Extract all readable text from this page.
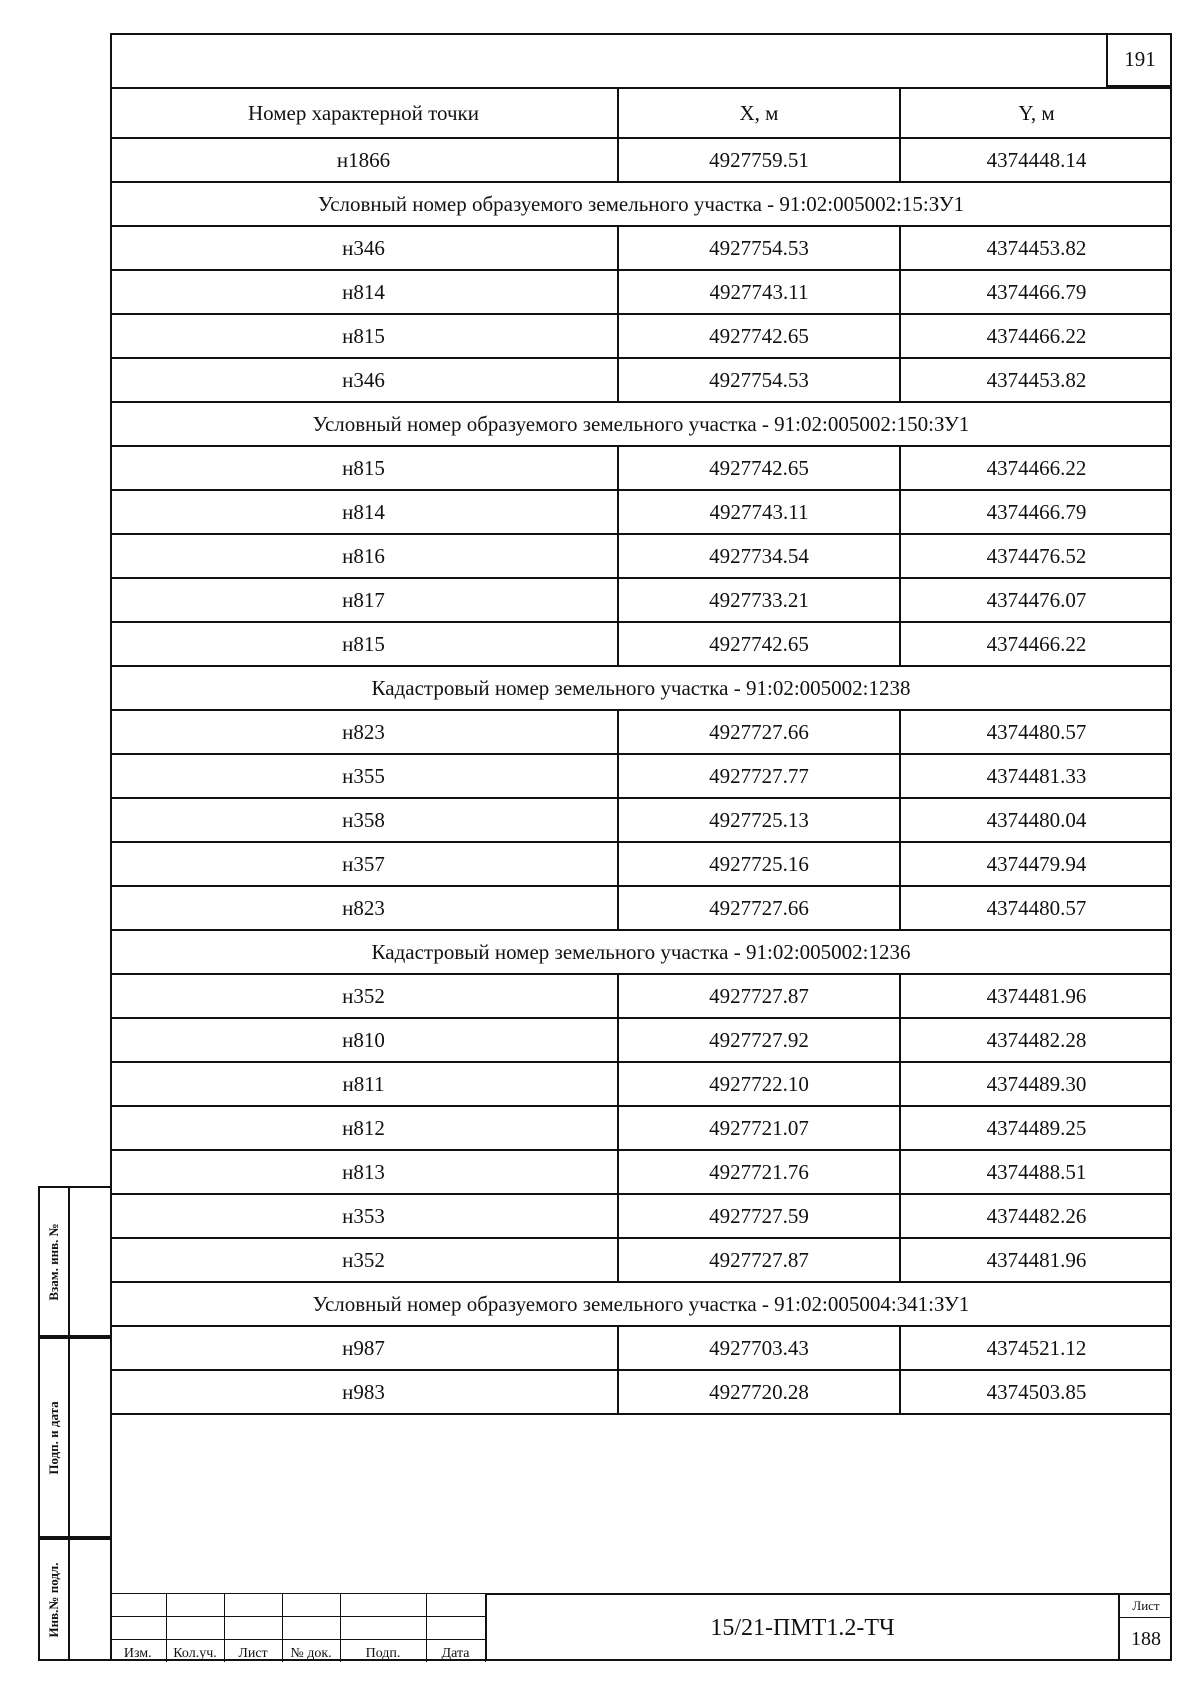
191
Номер характерной точки	X, м	Y, м
н1866	4927759.51	4374448.14
Условный номер образуемого земельного участка - 91:02:005002:15:ЗУ1		
н346	4927754.53	4374453.82
н814	4927743.11	4374466.79
н815	4927742.65	4374466.22
н346	4927754.53	4374453.82
Условный номер образуемого земельного участка - 91:02:005002:150:ЗУ1		
н815	4927742.65	4374466.22
н814	4927743.11	4374466.79
н816	4927734.54	4374476.52
н817	4927733.21	4374476.07
н815	4927742.65	4374466.22
Кадастровый номер земельного участка - 91:02:005002:1238		
н823	4927727.66	4374480.57
н355	4927727.77	4374481.33
н358	4927725.13	4374480.04
н357	4927725.16	4374479.94
н823	4927727.66	4374480.57
Кадастровый номер земельного участка - 91:02:005002:1236		
н352	4927727.87	4374481.96
н810	4927727.92	4374482.28
н811	4927722.10	4374489.30
н812	4927721.07	4374489.25
н813	4927721.76	4374488.51
н353	4927727.59	4374482.26
н352	4927727.87	4374481.96
Условный номер образуемого земельного участка - 91:02:005004:341:ЗУ1		
н987	4927703.43	4374521.12
н983	4927720.28	4374503.85
Взам. инв. №
Подп. и дата
Инв.№ подл.

Изм.	Кол.уч.	Лист	№ док.	Подп.	Дата
15/21-ПМТ1.2-ТЧ
Лист
188
